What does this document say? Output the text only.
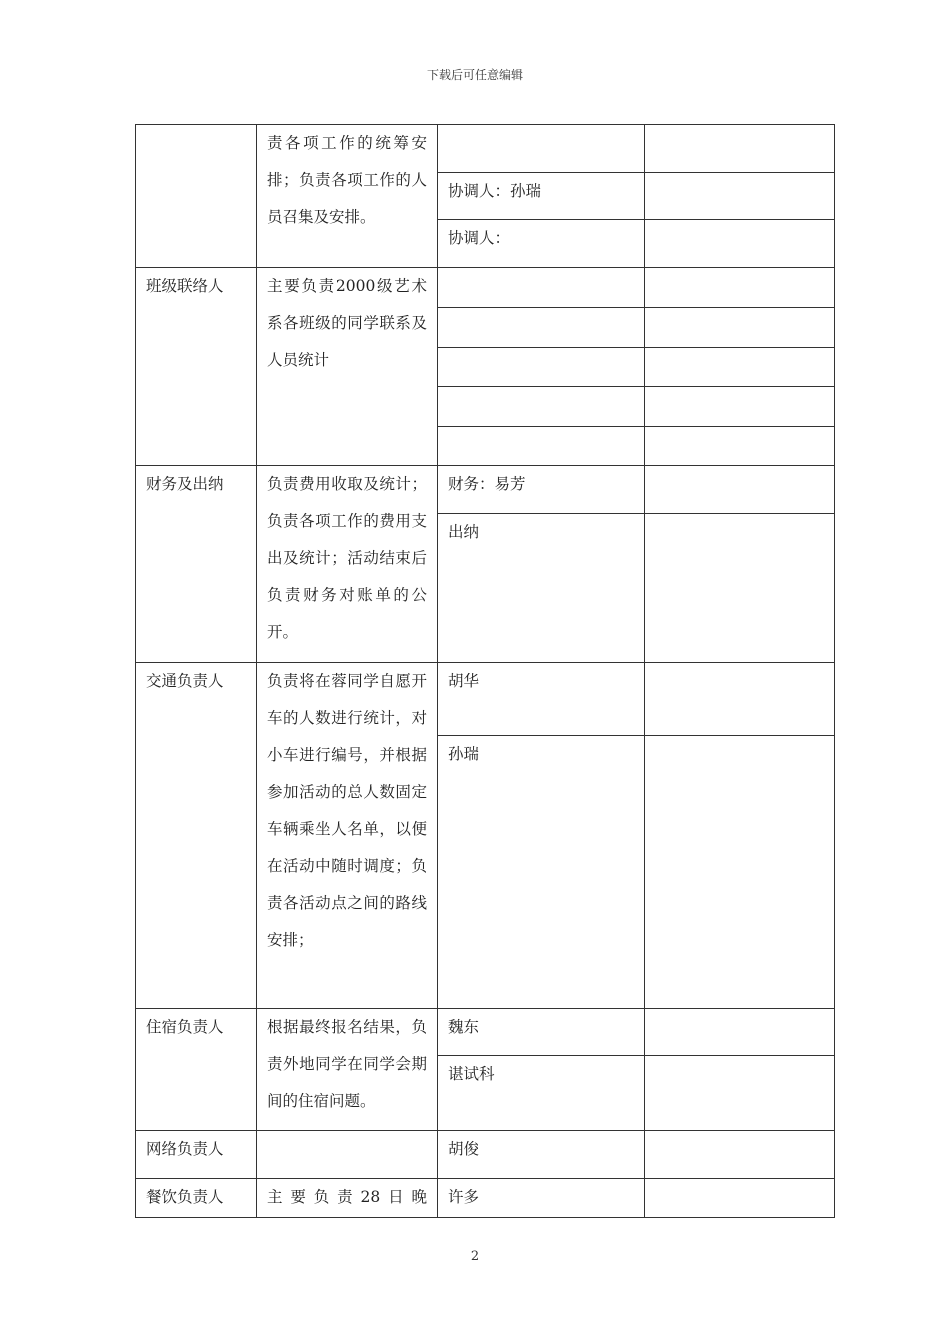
下载后可任意编辑

	责各项工作的统筹安排；负责各项工作的人员召集及安排。		

		协调人：孙瑞	
		协调人：	
班级联络人	主要负责2000级艺术系各班级的同学联系及人员统计		

财务及出纳	负责费用收取及统计；负责各项工作的费用支出及统计；活动结束后负责财务对账单的公开。	财务：易芳	
		出纳	
交通负责人	负责将在蓉同学自愿开车的人数进行统计，对小车进行编号，并根据参加活动的总人数固定车辆乘坐人名单，以便在活动中随时调度；负责各活动点之间的路线安排；	胡华	
		孙瑞	
住宿负责人	根据最终报名结果，负责外地同学在同学会期间的住宿问题。	魏东	
		谌试科	
网络负责人		胡俊	
餐饮负责人	主要负责28日晚	许多	
2
